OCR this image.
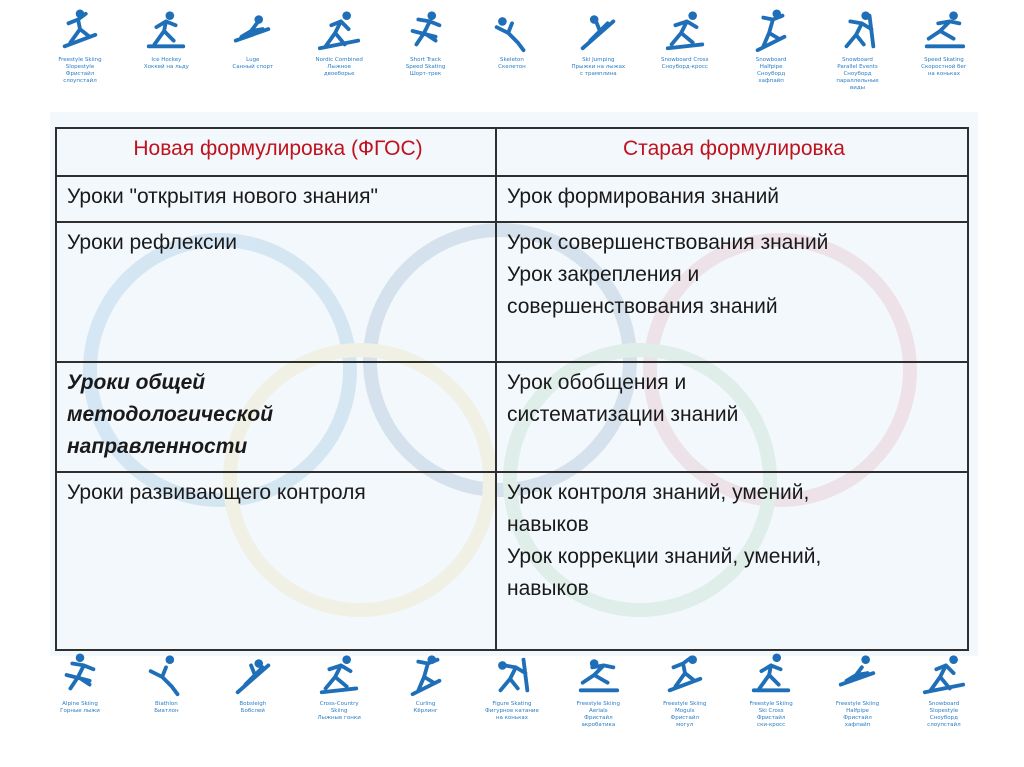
Freestyle Skiing
Slopestyle
Фристайл
слоупстайл
Ice Hockey
Хоккей на льду
Luge
Санный спорт
Nordic Combined
Лыжное
двоеборье
Short Track
Speed Skating
Шорт-трек
Skeleton
Скелетон
Ski Jumping
Прыжки на лыжах
с трамплина
Snowboard Cross
Сноуборд-кросс
Snowboard
Halfpipe
Сноуборд
хафпайп
Snowboard
Parallel Events
Сноуборд
параллельные
виды
Speed Skating
Скоростной бег
на коньках
Новая формулировка (ФГОС)	Старая формулировка
Уроки "открытия нового знания"	Урок формирования знаний

Уроки рефлексии	Урок совершенствования знаний
Урок закрепления и
совершенствования знаний

Уроки общей
методологической
направленности	Урок обобщения и
систематизации знаний

Уроки развивающего контроля	Урок контроля знаний, умений,
навыков
Урок коррекции знаний, умений,
навыков
Alpine Skiing
Горные лыжи
Biathlon
Биатлон
Bobsleigh
Бобслей
Cross-Country
Skiing
Лыжные гонки
Curling
Кёрлинг
Figure Skating
Фигурное катание
на коньках
Freestyle Skiing
Aerials
Фристайл
акробатика
Freestyle Skiing
Moguls
Фристайл
могул
Freestyle Skiing
Ski Cross
Фристайл
ски-кросс
Freestyle Skiing
Halfpipe
Фристайл
хафпайп
Snowboard
Slopestyle
Сноуборд
слоупстайл
